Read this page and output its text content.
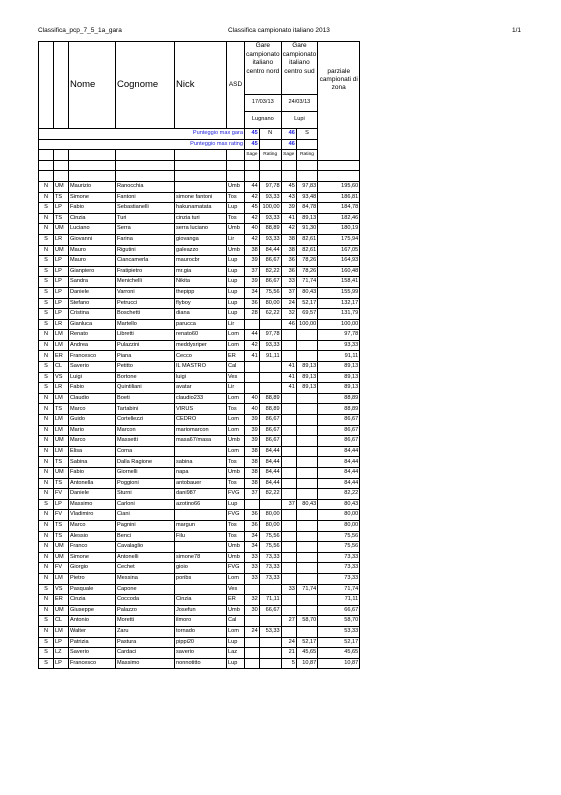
Classifica_pcp_7_5_1a_gara	Classifica campionato italiano 2013	1/1
		Nome	Cognome	Nick	ASD	Gare campionato italiano centro nord		Gare campionato italiano centro sud		parziale campionati di zona
						17/03/13		24/03/13		
						Lugnano		Lupi		
Punteggio max gara						45	N	46	S	
Punteggio max rating						45		46		
						Sage	Rating	Sage	Rating	

N	UM	Maurizio	Ranocchia		Umb	44	97,78	45	97,83	195,60
N	TS	Simone	Fantoni	simone fantoni	Tos	42	93,33	43	93,48	186,81
S	LP	Fabio	Sebastianelli	hakunamatata	Lup	45	100,00	39	84,78	184,78
N	TS	Cinzia	Turi	cinzia turi	Tos	42	93,33	41	89,13	182,46
N	UM	Luciano	Serra	serra luciano	Umb	40	88,89	42	91,30	180,19
S	LR	Giovanni	Farina	giovanga	Lir	42	93,33	38	82,61	175,94
N	UM	Mauro	Rigutini	galeazzo	Umb	38	84,44	38	82,61	167,05
S	LP	Mauro	Ciancamerla	maurocbr	Lup	39	86,67	36	78,26	164,93
S	LP	Gianpiero	Fratipietro	mr.gia	Lup	37	82,22	36	78,26	160,48
S	LP	Sandra	Menichelli	Nikita	Lup	39	86,67	33	71,74	158,41
S	LP	Daniele	Varroni	thepipp	Lup	34	75,56	37	80,43	155,99
S	LP	Stefano	Petrucci	flyboy	Lup	36	80,00	24	52,17	132,17
S	LP	Cristina	Boschetti	diana	Lup	28	62,22	32	69,57	131,79
S	LR	Gianluca	Martello	parucca	Lir			46	100,00	100,00
N	LM	Renato	Libretti	renato60	Lom	44	97,78			97,78
N	LM	Andrea	Pulazzini	meddysriper	Lom	42	93,33			93,33
N	ER	Francesco	Piana	Cecco	ER	41	91,11			91,11
S	CL	Saverio	Petitto	IL MASTRO	Cal			41	89,13	89,13
S	VS	Luigi	Bortone	luigi	Ves			41	89,13	89,13
S	LR	Fabio	Quintiliani	avatar	Lir			41	89,13	89,13
N	LM	Claudio	Boeti	claudio233	Lom	40	88,89			88,89
N	TS	Marco	Tartabini	VIRUS	Tos	40	88,89			88,89
N	LM	Guido	Cortellezzi	CEDRO	Lom	39	86,67			86,67
N	LM	Mario	Marcon	mariomarcon	Lom	39	86,67			86,67
N	UM	Marco	Massetti	masa67/masa	Umb	39	86,67			86,67
N	LM	Elisa	Corna		Lom	38	84,44			84,44
N	TS	Sabina	Dalla Ragione	sabina	Tos	38	84,44			84,44
N	UM	Fabio	Giornelli	napa	Umb	38	84,44			84,44
N	TS	Antonella	Poggioni	antobauer	Tos	38	84,44			84,44
N	FV	Daniele	Sturni	dani987	FVG	37	82,22			82,22
S	LP	Massimo	Carloni	azotino66	Lup			37	80,43	80,43
N	FV	Vladimiro	Ciani		FVG	36	80,00			80,00
N	TS	Marco	Pagnini	margun	Tos	36	80,00			80,00
N	TS	Alessio	Benci	Filu	Tos	34	75,56			75,56
N	UM	Franco	Cavalaglio		Umb	34	75,56			75,56
N	UM	Simone	Antonelli	simone78	Umb	33	73,33			73,33
N	FV	Giorgio	Cechet	gioio	FVG	33	73,33			73,33
N	LM	Pietro	Messina	poribs	Lom	33	73,33			73,33
S	VS	Pasquale	Capone		Ves			33	71,74	71,74
N	ER	Cinzia	Coccoda	Cinzia	ER	32	71,11			71,11
N	UM	Giuseppe	Palazzo	Josefun	Umb	30	66,67			66,67
S	CL	Antonio	Moretti	ilmoro	Cal			27	58,70	58,70
N	LM	Walter	Zaru	tornado	Lom	24	53,33			53,33
S	LP	Patrizia	Pastura	pippi20	Lup			24	52,17	52,17
S	LZ	Saverio	Cardaci	saverio	Laz			21	45,65	45,65
S	LP	Francesco	Massimo	nonnotitto	Lup			5	10,87	10,87
